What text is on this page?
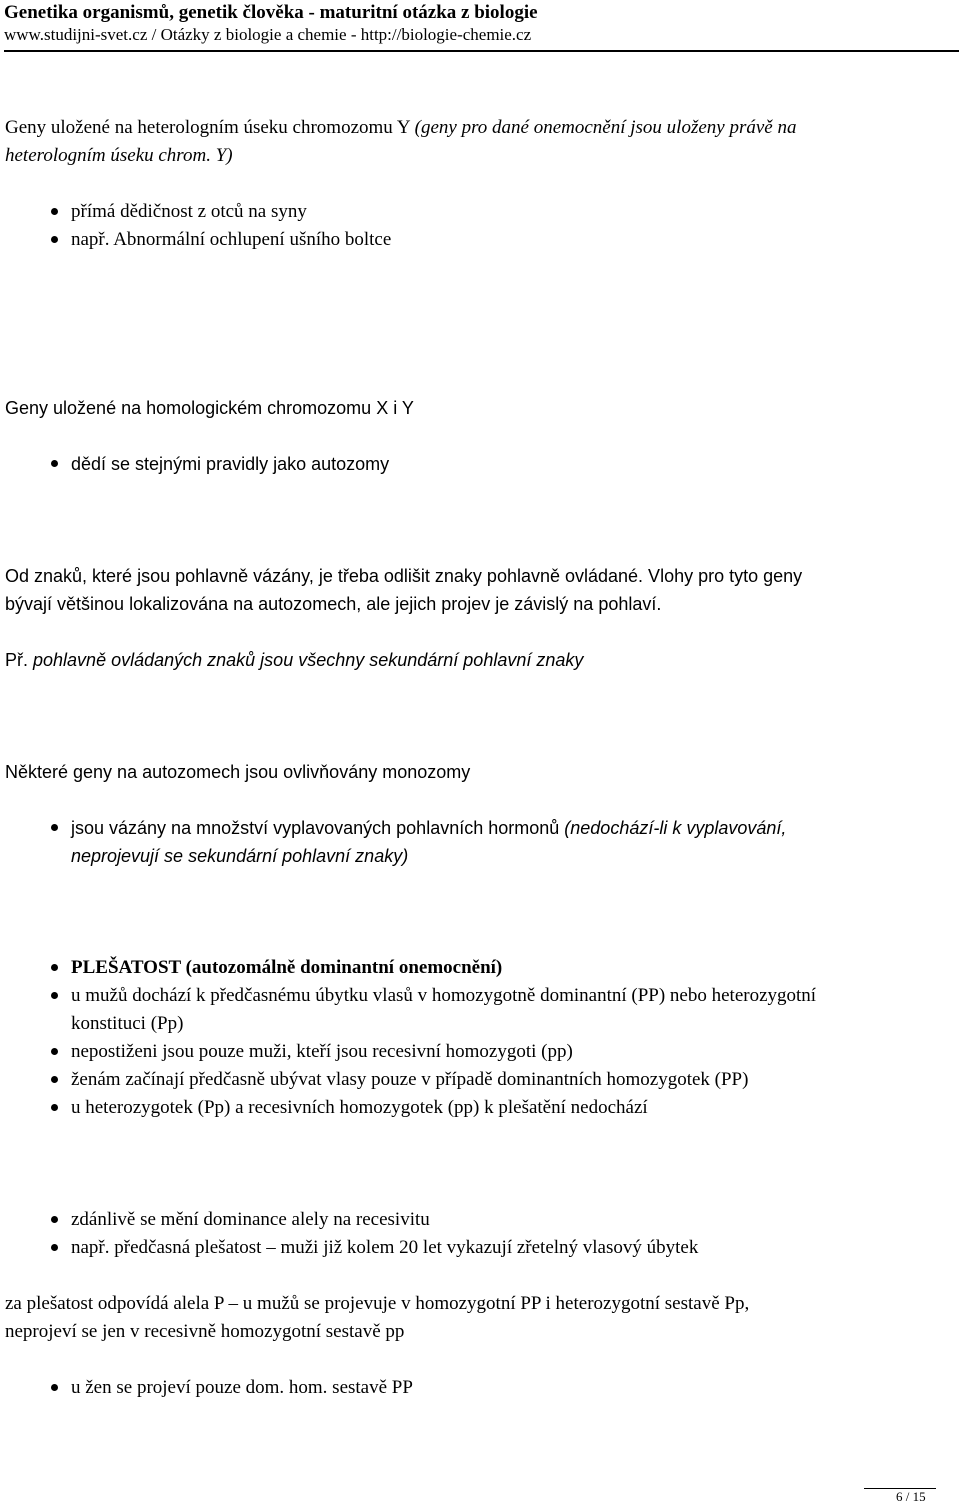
Genetika organismů, genetik člověka - maturitní otázka z biologie
www.studijni-svet.cz / Otázky z biologie a chemie - http://biologie-chemie.cz

Geny uložené na heterologním úseku chromozomu Y (geny pro dané onemocnění jsou uloženy právě na

heterologním úseku chrom. Y)

přímá dědičnost z otců na syny
např. Abnormální ochlupení ušního boltce

Geny uložené na homologickém chromozomu X i Y

dědí se stejnými pravidly jako autozomy

Od znaků, které jsou pohlavně vázány, je třeba odlišit znaky pohlavně ovládané. Vlohy pro tyto geny

bývají většinou lokalizována na autozomech, ale jejich projev je závislý na pohlaví.

Př. pohlavně ovládaných znaků jsou všechny sekundární pohlavní znaky

Některé geny na autozomech jsou ovlivňovány monozomy

jsou vázány na množství vyplavovaných pohlavních hormonů (nedochází-li k vyplavování,
neprojevují se sekundární pohlavní znaky)
PLEŠATOST (autozomálně dominantní onemocnění)
u mužů dochází k předčasnému úbytku vlasů v homozygotně dominantní (PP) nebo heterozygotní
konstituci (Pp)
nepostiženi jsou pouze muži, kteří jsou recesivní homozygoti (pp)
ženám začínají předčasně ubývat vlasy pouze v případě dominantních homozygotek (PP)
u heterozygotek (Pp) a recesivních homozygotek (pp) k plešatění nedochází
zdánlivě se mění dominance alely na recesivitu
např. předčasná plešatost – muži již kolem 20 let vykazují zřetelný vlasový úbytek

za plešatost odpovídá alela P – u mužů se projevuje v homozygotní PP i heterozygotní sestavě Pp,

neprojeví se jen v recesivně homozygotní sestavě pp

u žen se projeví pouze dom. hom. sestavě PP
6 / 15
